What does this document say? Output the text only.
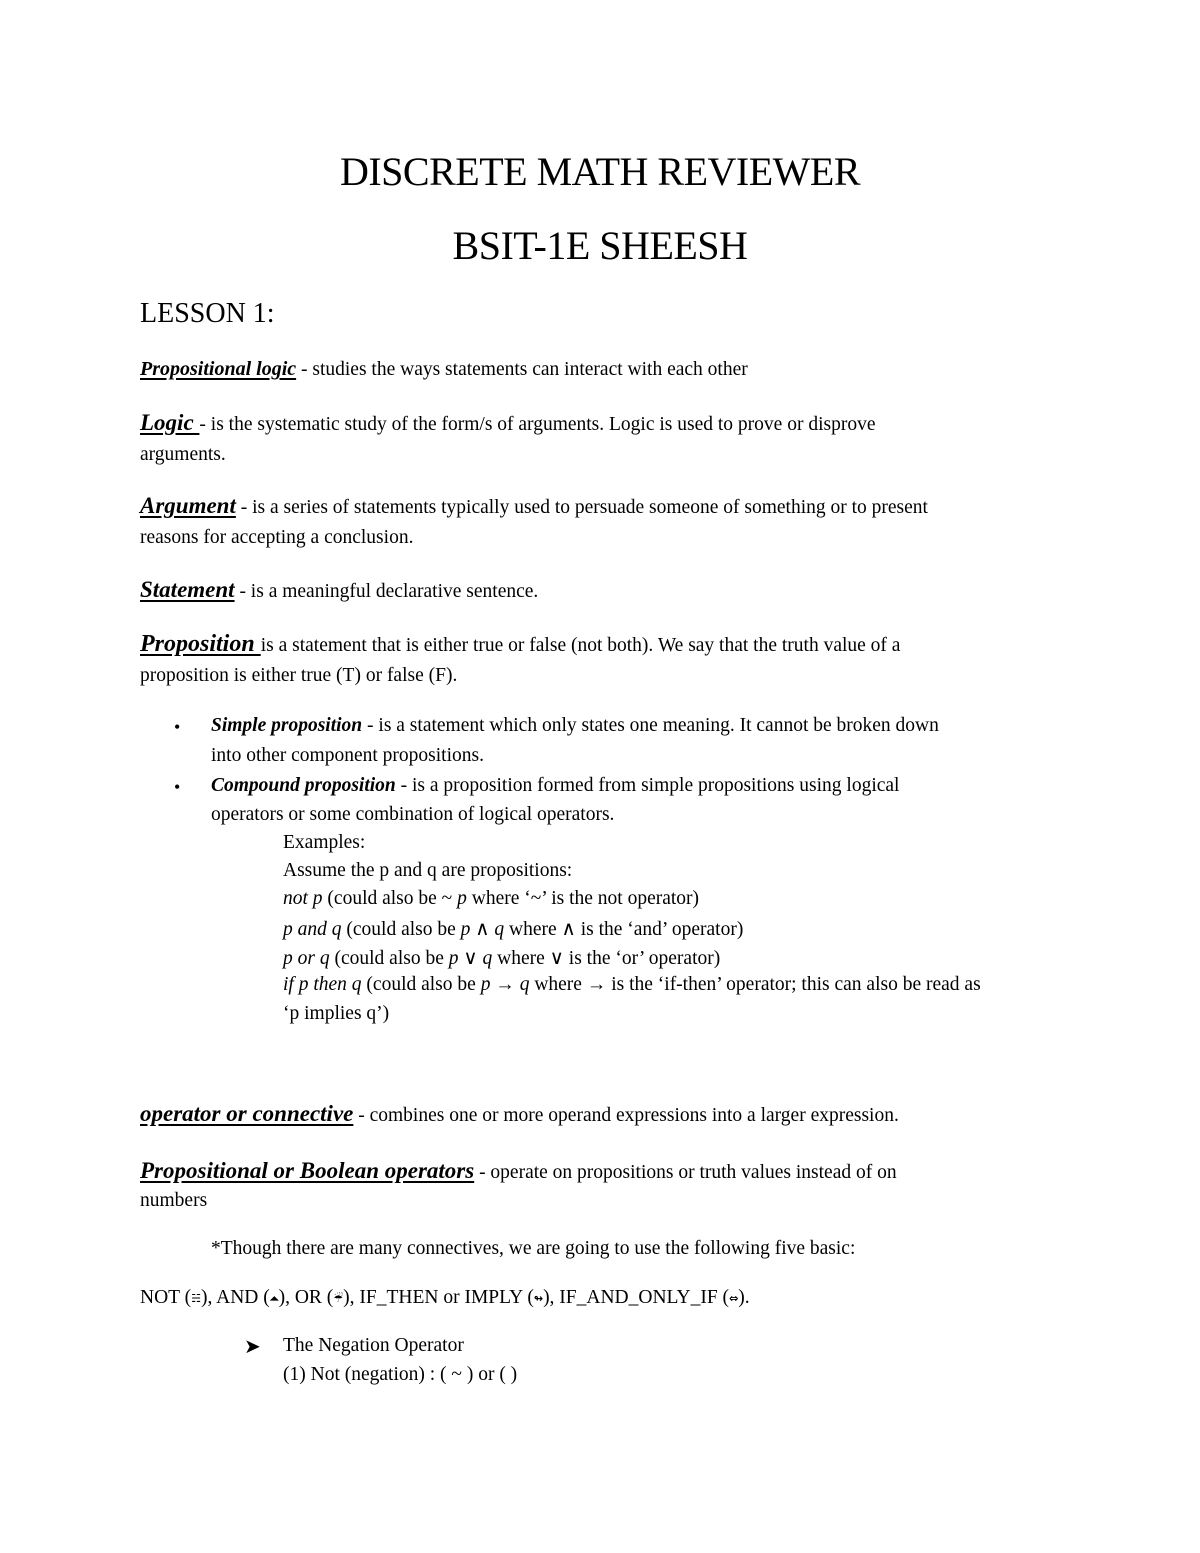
DISCRETE MATH REVIEWER
BSIT-1E SHEESH
LESSON 1:
Propositional logic - studies the ways statements can interact with each other
Logic - is the systematic study of the form/s of arguments. Logic is used to prove or disprove
arguments.
Argument - is a series of statements typically used to persuade someone of something or to present
reasons for accepting a conclusion.
Statement - is a meaningful declarative sentence.
Proposition is a statement that is either true or false (not both). We say that the truth value of a
proposition is either true (T) or false (F).
• Simple proposition - is a statement which only states one meaning. It cannot be broken down
into other component propositions.
• Compound proposition - is a proposition formed from simple propositions using logical
operators or some combination of logical operators.
Examples:
Assume the p and q are propositions:
not p (could also be ~ p where ‘~’ is the not operator)
p and q (could also be p ∧ q where ∧ is the ‘and’ operator)
p or q (could also be p ∨ q where ∨ is the ‘or’ operator)
if p then q (could also be p → q where → is the ‘if-then’ operator; this can also be read as
‘p implies q’)
operator or connective - combines one or more operand expressions into a larger expression.
Propositional or Boolean operators - operate on propositions or truth values instead of on
numbers
*Though there are many connectives, we are going to use the following five basic:
NOT (☵), AND (⏶), OR (☔), IF_THEN or IMPLY (↬), IF_AND_ONLY_IF (⇔).
➤ The Negation Operator
(1) Not (negation) : ( ~ ) or ( )
